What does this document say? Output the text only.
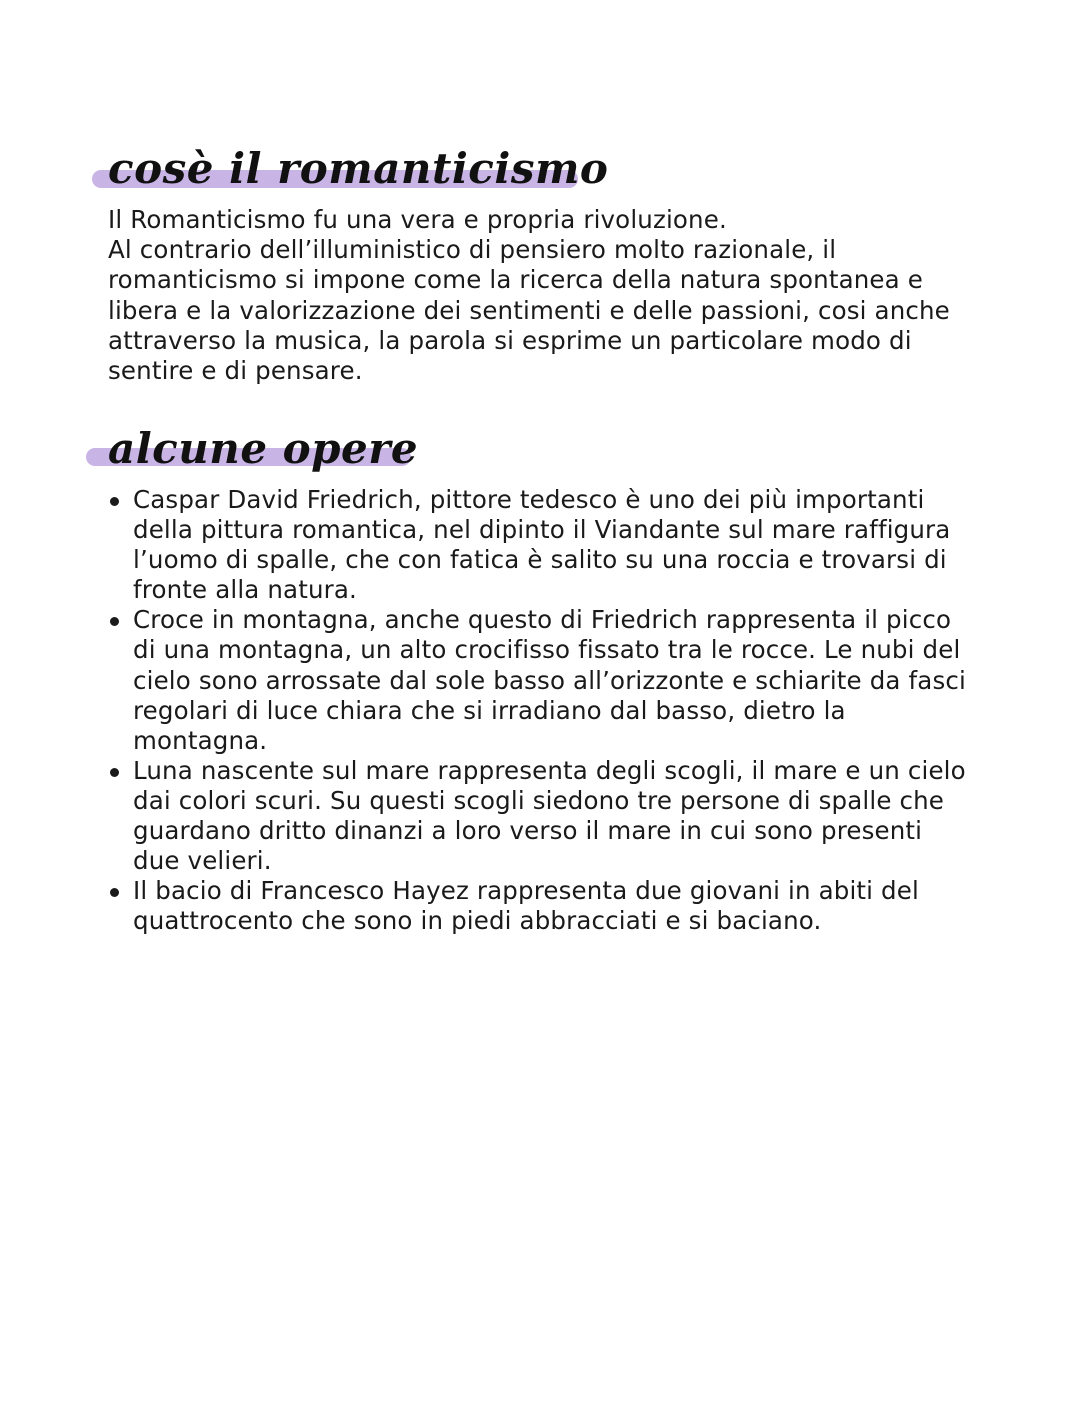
cosè il romanticismo
Il Romanticismo fu una vera e propria rivoluzione.
Al contrario dell’illuministico di pensiero molto razionale, il
romanticismo si impone come la ricerca della natura spontanea e
libera e la valorizzazione dei sentimenti e delle passioni, cosi anche
attraverso la musica, la parola si esprime un particolare modo di
sentire e di pensare.
alcune opere
Caspar David Friedrich, pittore tedesco è uno dei più importanti
della pittura romantica, nel dipinto il Viandante sul mare raffigura
l’uomo di spalle, che con fatica è salito su una roccia e trovarsi di
fronte alla natura.
Croce in montagna, anche questo di Friedrich rappresenta il picco
di una montagna, un alto crocifisso fissato tra le rocce. Le nubi del
cielo sono arrossate dal sole basso all’orizzonte e schiarite da fasci
regolari di luce chiara che si irradiano dal basso, dietro la
montagna.
Luna nascente sul mare rappresenta degli scogli, il mare e un cielo
dai colori scuri. Su questi scogli siedono tre persone di spalle che
guardano dritto dinanzi a loro verso il mare in cui sono presenti
due velieri.
Il bacio di Francesco Hayez rappresenta due giovani in abiti del
quattrocento che sono in piedi abbracciati e si baciano.
